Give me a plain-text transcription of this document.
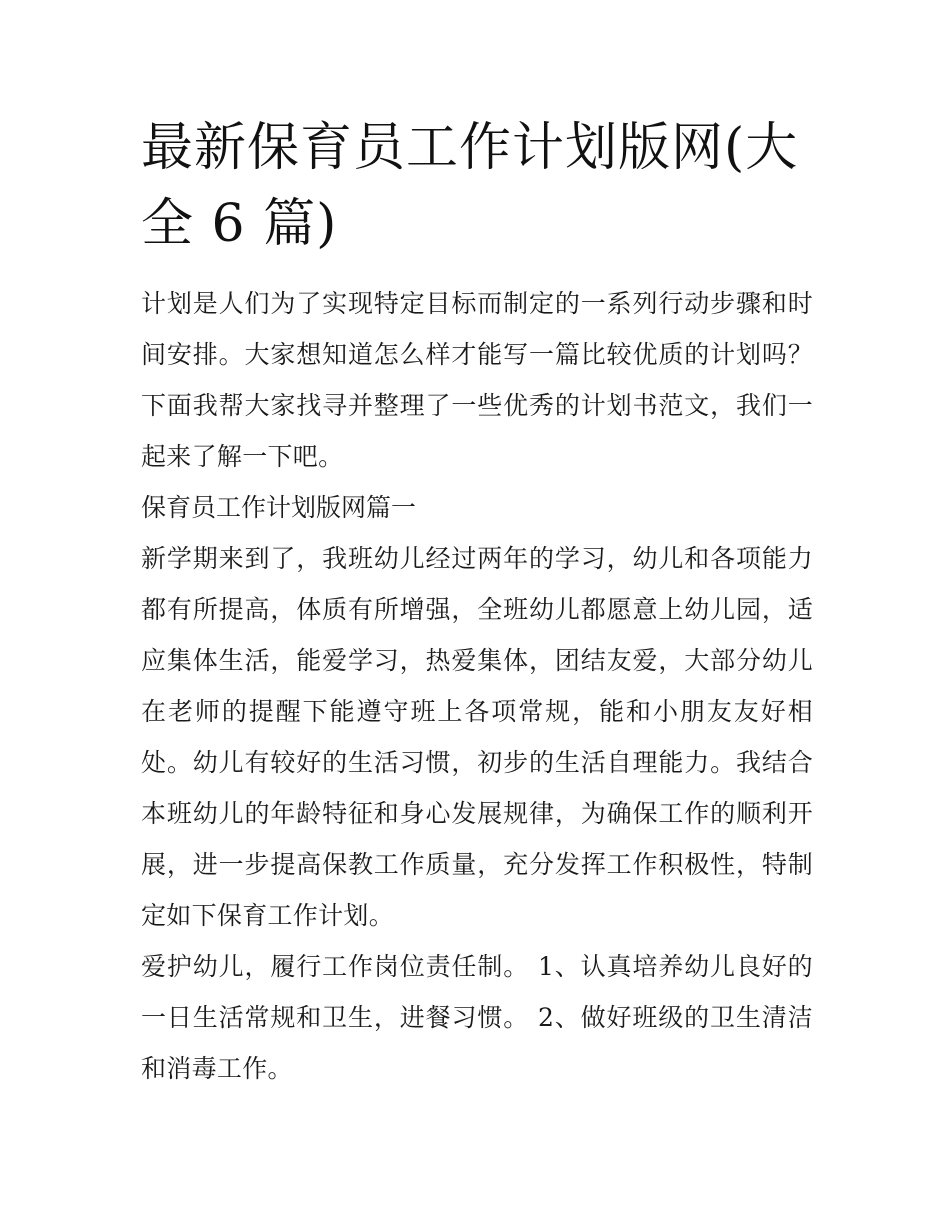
最新保育员工作计划版网(大全 6 篇)

计划是人们为了实现特定目标而制定的一系列行动步骤和时间安排。大家想知道怎么样才能写一篇比较优质的计划吗？下面我帮大家找寻并整理了一些优秀的计划书范文，我们一起来了解一下吧。

保育员工作计划版网篇一

新学期来到了，我班幼儿经过两年的学习，幼儿和各项能力都有所提高，体质有所增强，全班幼儿都愿意上幼儿园，适应集体生活，能爱学习，热爱集体，团结友爱，大部分幼儿在老师的提醒下能遵守班上各项常规，能和小朋友友好相处。幼儿有较好的生活习惯，初步的生活自理能力。我结合本班幼儿的年龄特征和身心发展规律，为确保工作的顺利开展，进一步提高保教工作质量，充分发挥工作积极性，特制定如下保育工作计划。

爱护幼儿，履行工作岗位责任制。 1、认真培养幼儿良好的一日生活常规和卫生，进餐习惯。 2、做好班级的卫生清洁和消毒工作。
